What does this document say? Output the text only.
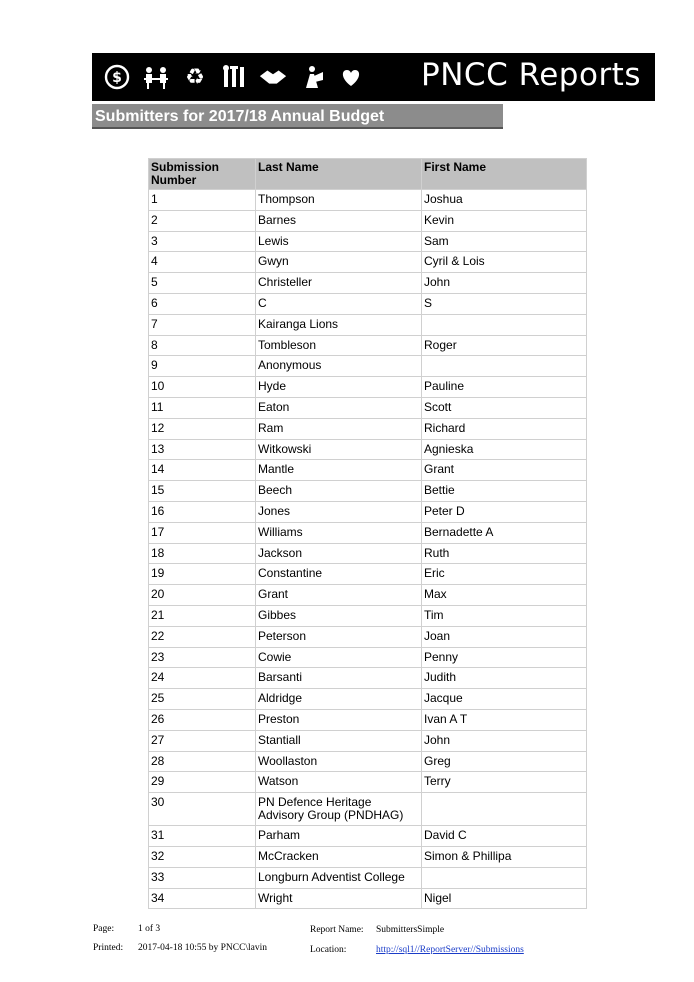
$	♻	PNCC Reports
Submitters for 2017/18 Annual Budget
Submission Number	Last Name	First Name
1	Thompson	Joshua
2	Barnes	Kevin
3	Lewis	Sam
4	Gwyn	Cyril & Lois
5	Christeller	John
6	C	S
7	Kairanga Lions	
8	Tombleson	Roger
9	Anonymous	
10	Hyde	Pauline
11	Eaton	Scott
12	Ram	Richard
13	Witkowski	Agnieska
14	Mantle	Grant
15	Beech	Bettie
16	Jones	Peter D
17	Williams	Bernadette A
18	Jackson	Ruth
19	Constantine	Eric
20	Grant	Max
21	Gibbes	Tim
22	Peterson	Joan
23	Cowie	Penny
24	Barsanti	Judith
25	Aldridge	Jacque
26	Preston	Ivan A T
27	Stantiall	John
28	Woollaston	Greg
29	Watson	Terry
30	PN Defence Heritage Advisory Group (PNDHAG)	
31	Parham	David C
32	McCracken	Simon & Phillipa
33	Longburn Adventist College	
34	Wright	Nigel
Page:	1 of 3	Report Name: SubmittersSimple
Printed: 2017-04-18 10:55 by PNCC\lavin	Location:	http://sql1//ReportServer//Submissions
